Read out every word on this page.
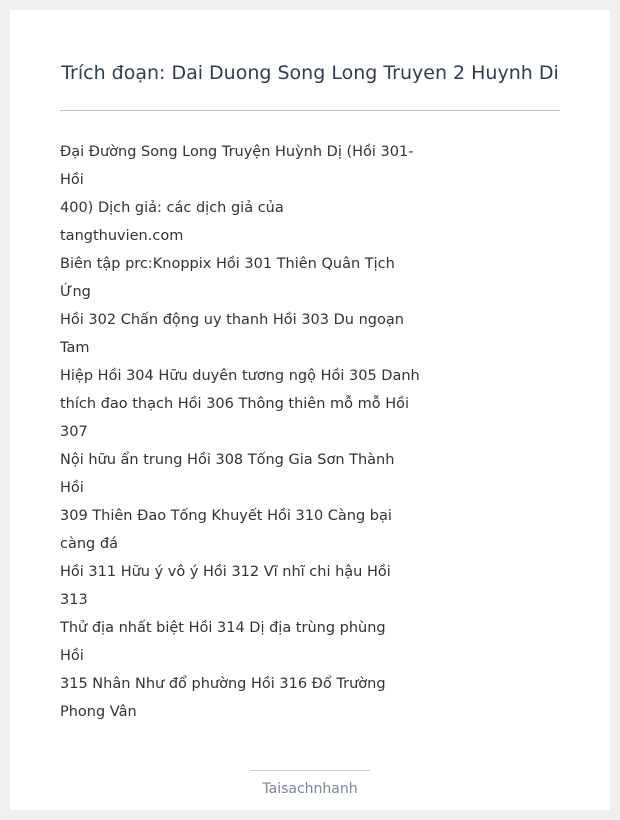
Trích đoạn: Dai Duong Song Long Truyen 2 Huynh Di
Đại Đường Song Long Truyện Huỳnh Dị (Hồi 301-
Hồi
400) Dịch giả: các dịch giả của
tangthuvien.com
Biên tập prc:Knoppix Hồi 301 Thiên Quân Tịch
Ứng
Hồi 302 Chấn động uy thanh Hồi 303 Du ngoạn
Tam
Hiệp Hồi 304 Hữu duyên tương ngộ Hồi 305 Danh
thích đao thạch Hồi 306 Thông thiên mỗ mỗ Hồi
307
Nội hữu ẩn trung Hồi 308 Tống Gia Sơn Thành
Hồi
309 Thiên Đao Tống Khuyết Hồi 310 Càng bại
càng đá
Hồi 311 Hữu ý vô ý Hồi 312 Vĩ nhĩ chi hậu Hồi
313
Thử địa nhất biệt Hồi 314 Dị địa trùng phùng
Hồi
315 Nhân Như đổ phường Hồi 316 Đổ Trường
Phong Vân
Taisachnhanh
